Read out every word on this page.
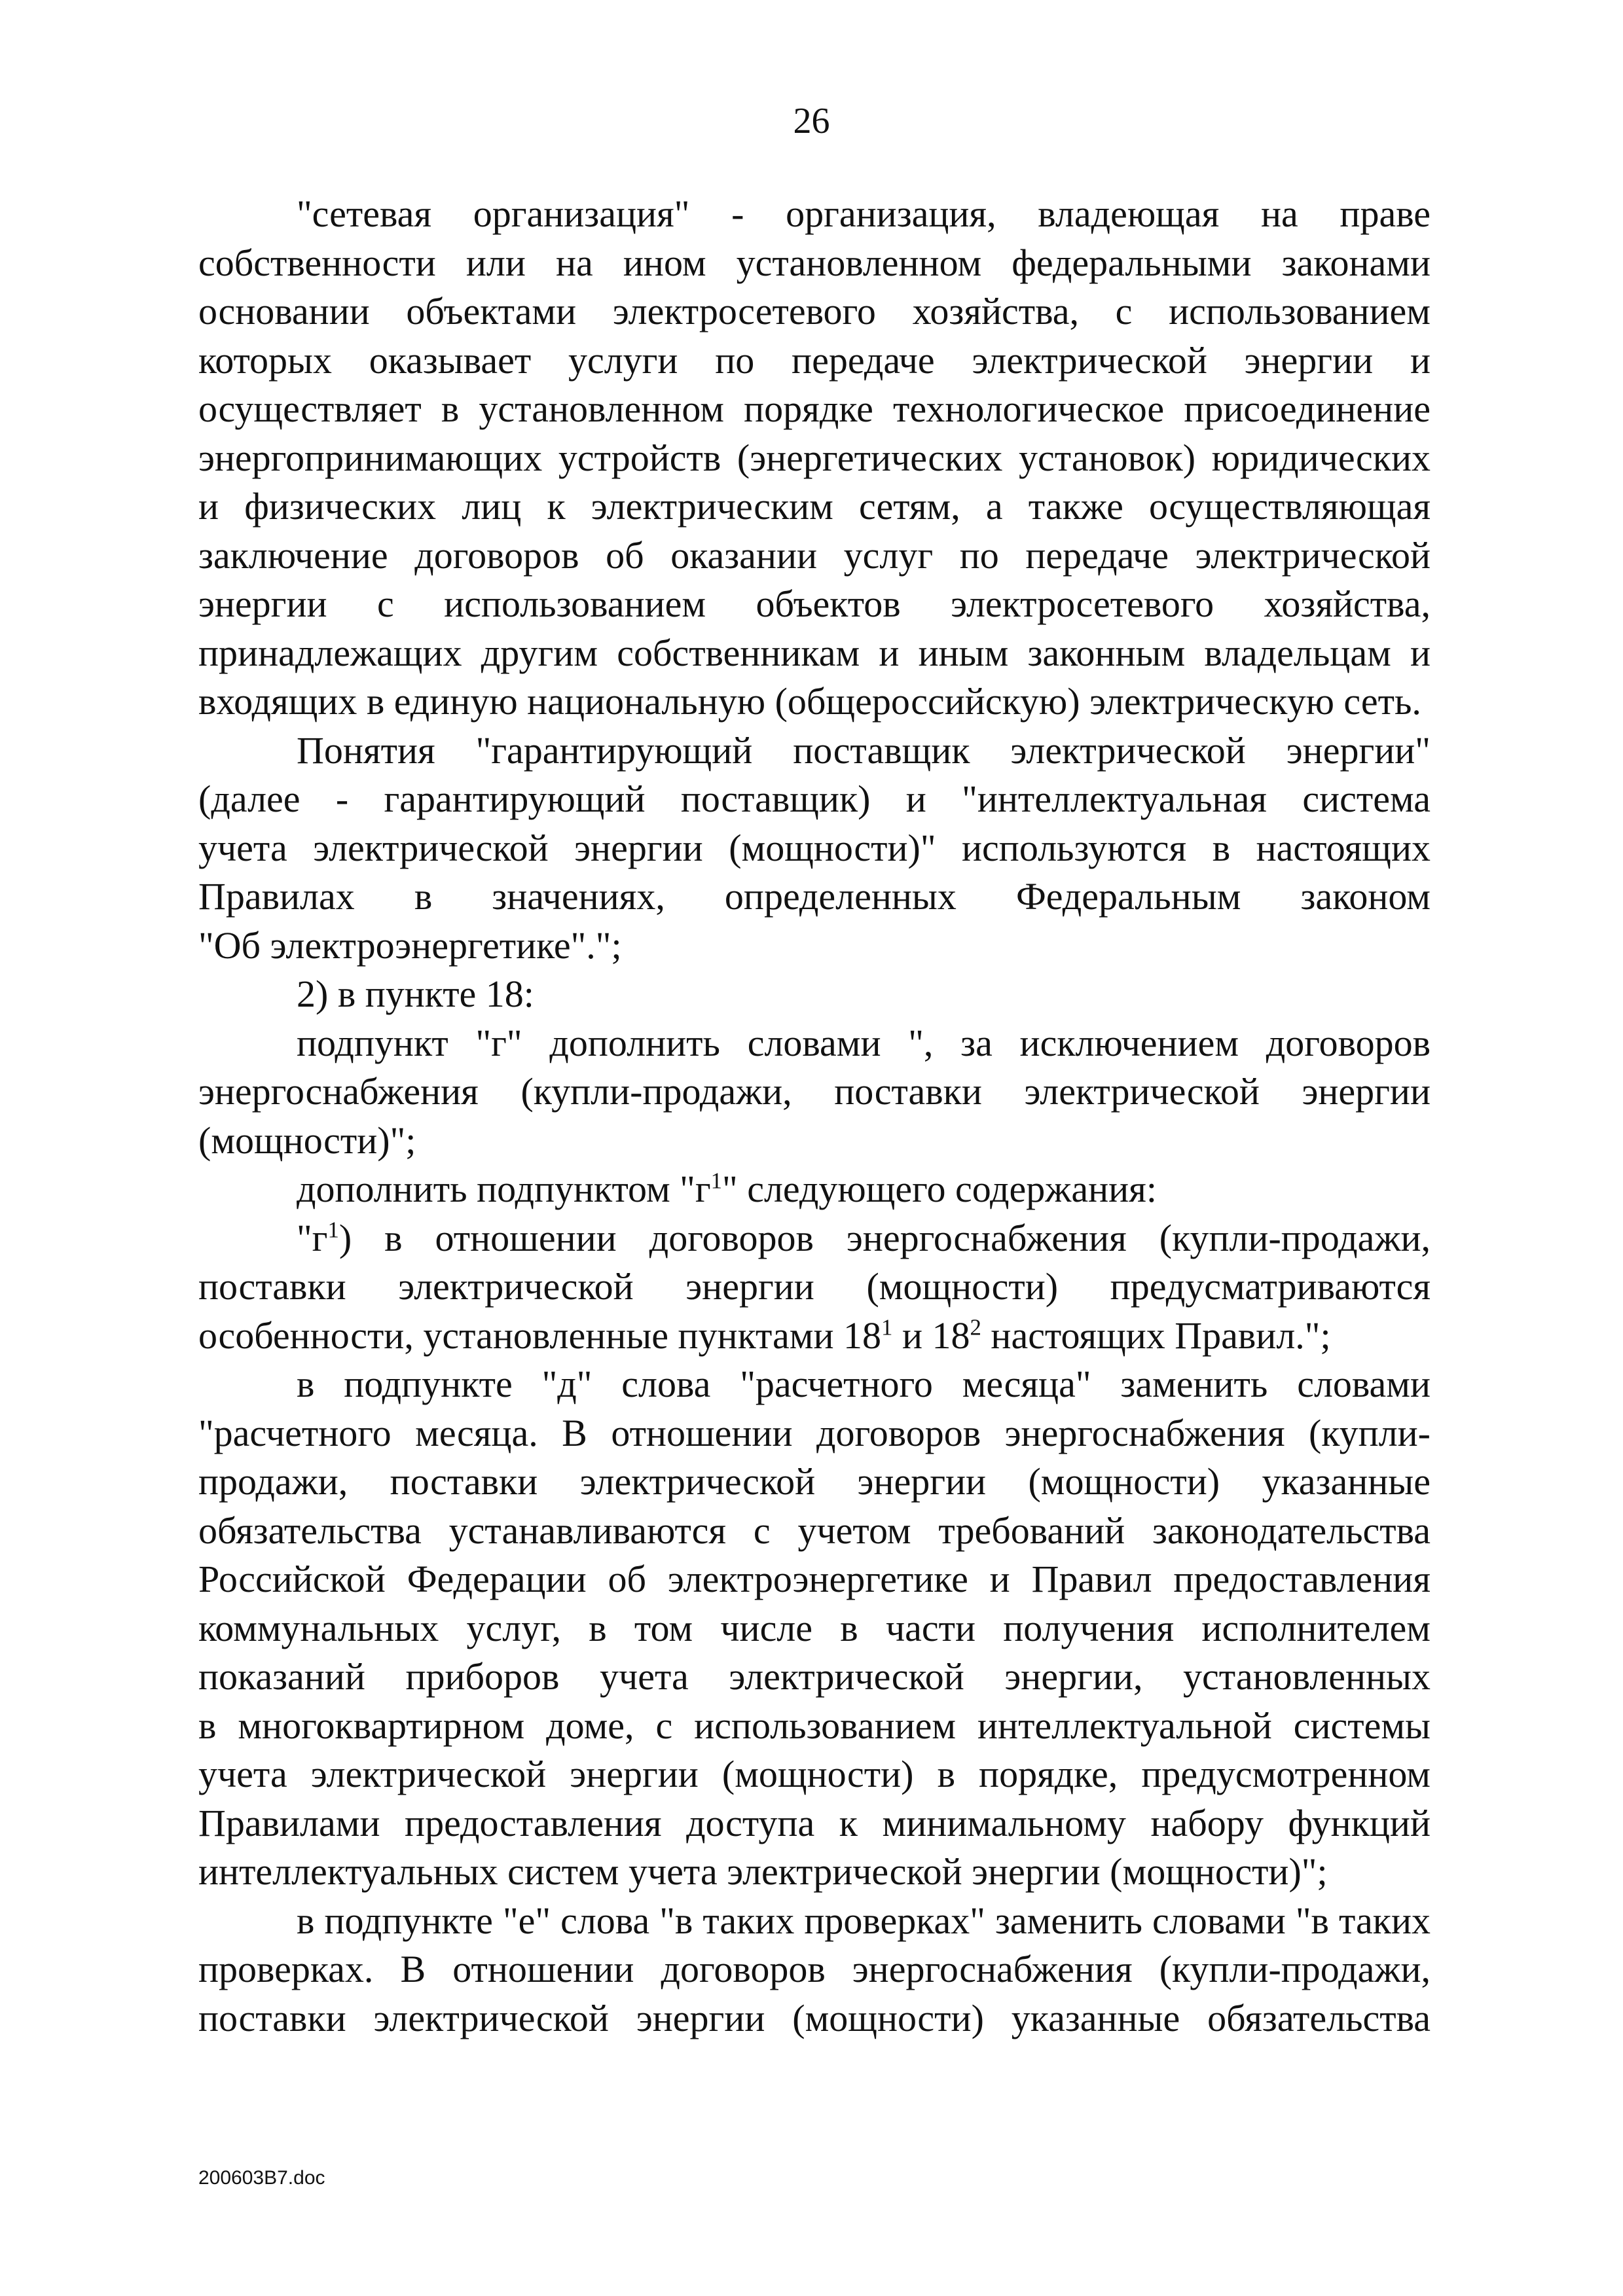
26
"сетевая организация" - организация, владеющая на праве
собственности или на ином установленном федеральными законами
основании объектами электросетевого хозяйства, с использованием
которых оказывает услуги по передаче электрической энергии и
осуществляет в установленном порядке технологическое присоединение
энергопринимающих устройств (энергетических установок) юридических
и физических лиц к электрическим сетям, а также осуществляющая
заключение договоров об оказании услуг по передаче электрической
энергии с использованием объектов электросетевого хозяйства,
принадлежащих другим собственникам и иным законным владельцам и
входящих в единую национальную (общероссийскую) электрическую сеть.
Понятия "гарантирующий поставщик электрической энергии"
(далее - гарантирующий поставщик) и "интеллектуальная система
учета электрической энергии (мощности)" используются в настоящих
Правилах в значениях, определенных Федеральным законом
"Об электроэнергетике".";
2) в пункте 18:
подпункт "г" дополнить словами ", за исключением договоров
энергоснабжения (купли-продажи, поставки электрической энергии
(мощности)";
дополнить подпунктом "$г^1$" следующего содержания:
"$г^1$) в отношении договоров энергоснабжения (купли-продажи,
поставки электрической энергии (мощности) предусматриваются
особенности, установленные пунктами $18^1$ и $18^2$ настоящих Правил.";
в подпункте "д" слова "расчетного месяца" заменить словами
"расчетного месяца. В отношении договоров энергоснабжения (купли-
продажи, поставки электрической энергии (мощности) указанные
обязательства устанавливаются с учетом требований законодательства
Российской Федерации об электроэнергетике и Правил предоставления
коммунальных услуг, в том числе в части получения исполнителем
показаний приборов учета электрической энергии, установленных
в многоквартирном доме, с использованием интеллектуальной системы
учета электрической энергии (мощности) в порядке, предусмотренном
Правилами предоставления доступа к минимальному набору функций
интеллектуальных систем учета электрической энергии (мощности)";
в подпункте "е" слова "в таких проверках" заменить словами "в таких
проверках. В отношении договоров энергоснабжения (купли-продажи,
поставки электрической энергии (мощности) указанные обязательства
200603В7.doc
